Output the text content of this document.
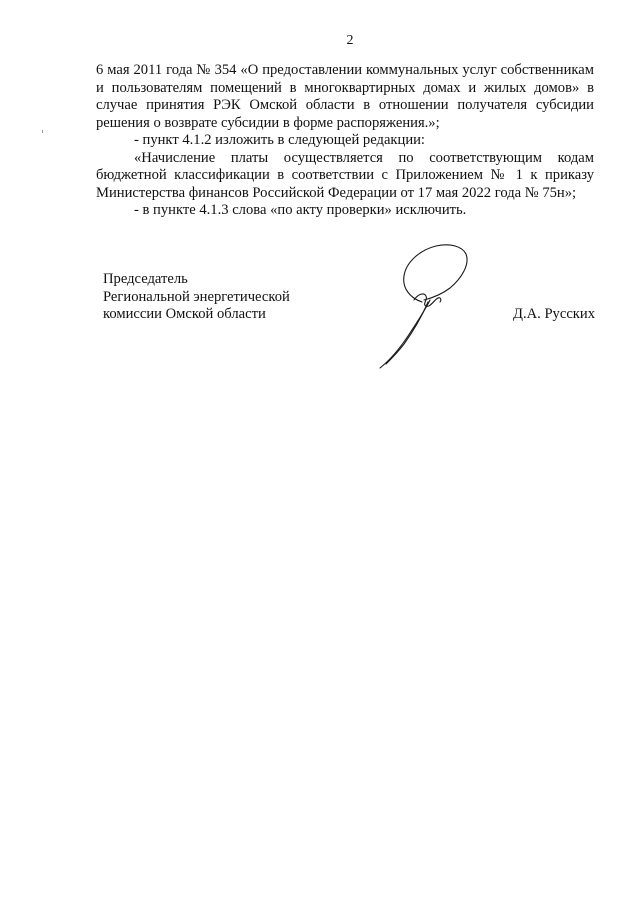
2

6 мая 2011 года № 354 «О предоставлении коммунальных услуг собственникам и пользователям помещений в многоквартирных домах и жилых домов» в случае принятия РЭК Омской области в отношении получателя субсидии решения о возврате субсидии в форме распоряжения.»;

- пункт 4.1.2 изложить в следующей редакции:

«Начисление платы осуществляется по соответствующим кодам бюджетной классификации в соответствии с Приложением № 1 к приказу Министерства финансов Российской Федерации от 17 мая 2022 года № 75н»;

- в пункте 4.1.3 слова «по акту проверки» исключить.

Председатель
Региональной энергетической
комиссии Омской области	Д.А. Русских
